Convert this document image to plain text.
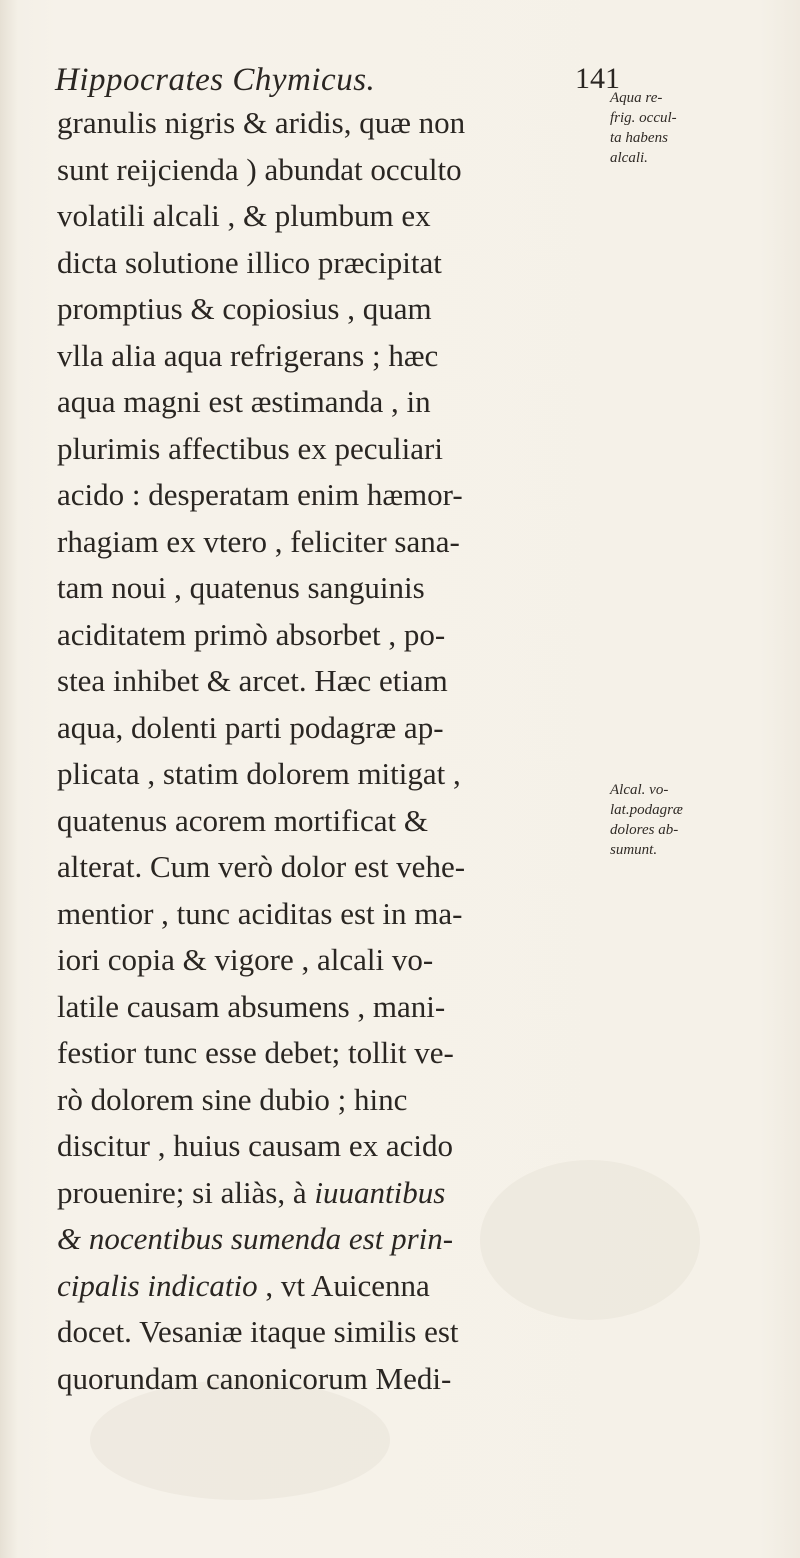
Hippocrates Chymicus.	141
granulis nigris & aridis, quæ non
sunt reijcienda ) abundat occulto
volatili alcali , & plumbum ex
dicta solutione illico præcipitat
promptius & copiosius , quam
vlla alia aqua refrigerans ; hæc
aqua magni est æstimanda , in
plurimis affectibus ex peculiari
acido : desperatam enim hæmor-
rhagiam ex vtero , feliciter sana-
tam noui , quatenus sanguinis
aciditatem primò absorbet , po-
stea inhibet & arcet. Hæc etiam
aqua, dolenti parti podagræ ap-
plicata , statim dolorem mitigat ,
quatenus acorem mortificat &
alterat. Cum verò dolor est vehe-
mentior , tunc aciditas est in ma-
iori copia & vigore , alcali vo-
latile causam absumens , mani-
festior tunc esse debet; tollit ve-
rò dolorem sine dubio ; hinc
discitur , huius causam ex acido
prouenire; si aliàs, à iuuantibus
& nocentibus sumenda est prin-
cipalis indicatio , vt Auicenna
docet. Vesaniæ itaque similis est
quorundam canonicorum Medi-
Aqua re-
frig. occul-
ta habens
alcali.
Alcal. vo-
lat.podagræ
dolores ab-
sumunt.
